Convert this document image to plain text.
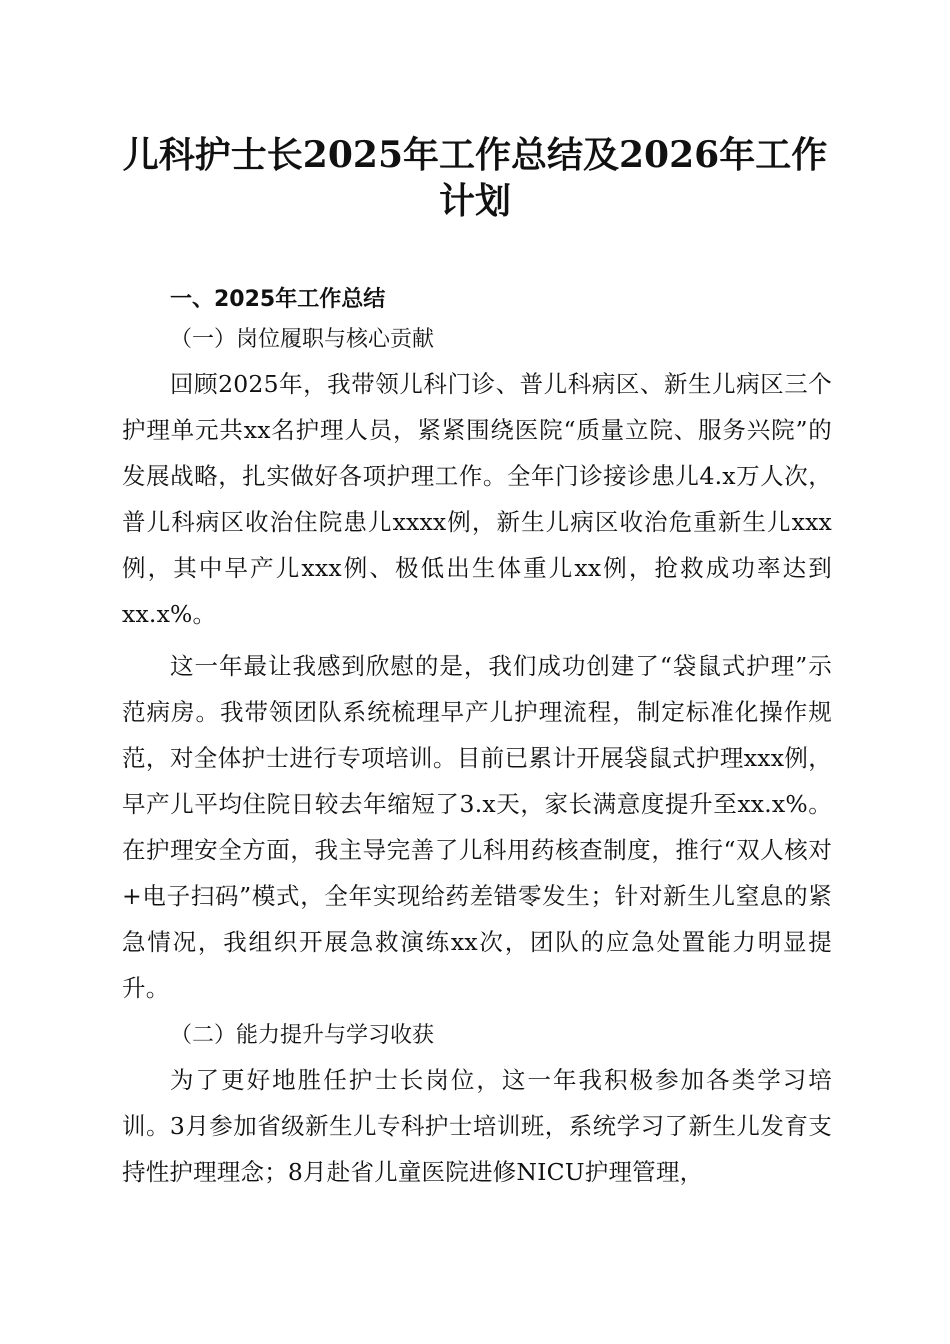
儿科护士长2025年工作总结及2026年工作计划
一、2025年工作总结
（一）岗位履职与核心贡献

回顾2025年，我带领儿科门诊、普儿科病区、新生儿病区三个护理单元共xx名护理人员，紧紧围绕医院“质量立院、服务兴院”的发展战略，扎实做好各项护理工作。全年门诊接诊患儿4.x万人次，普儿科病区收治住院患儿xxxx例，新生儿病区收治危重新生儿xxx例，其中早产儿xxx例、极低出生体重儿xx例，抢救成功率达到xx.x%。

这一年最让我感到欣慰的是，我们成功创建了“袋鼠式护理”示范病房。我带领团队系统梳理早产儿护理流程，制定标准化操作规范，对全体护士进行专项培训。目前已累计开展袋鼠式护理xxx例，早产儿平均住院日较去年缩短了3.x天，家长满意度提升至xx.x%。在护理安全方面，我主导完善了儿科用药核查制度，推行“双人核对+电子扫码”模式，全年实现给药差错零发生；针对新生儿窒息的紧急情况，我组织开展急救演练xx次，团队的应急处置能力明显提升。

（二）能力提升与学习收获

为了更好地胜任护士长岗位，这一年我积极参加各类学习培训。3月参加省级新生儿专科护士培训班，系统学习了新生儿发育支持性护理理念；8月赴省儿童医院进修NICU护理管理，
